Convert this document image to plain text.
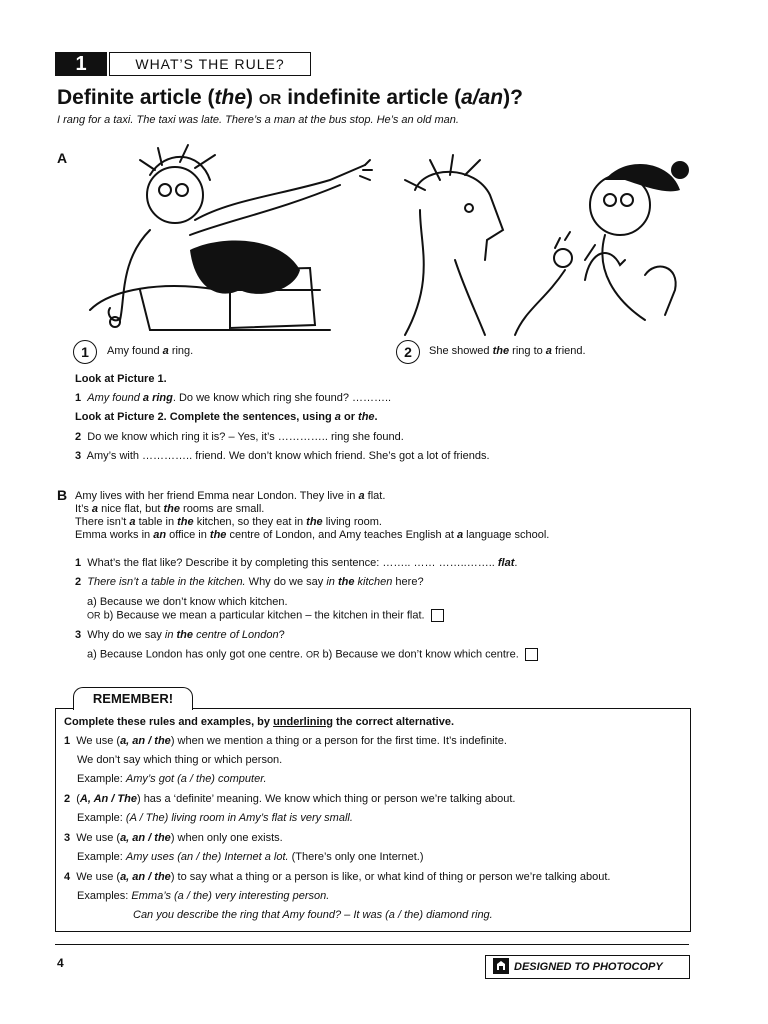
1	WHAT’S THE RULE?
Definite article (the) OR indefinite article (a/an)?
I rang for a taxi. The taxi was late. There’s a man at the bus stop. He’s an old man.
A
1	Amy found a ring.	2	She showed the ring to a friend.
Look at Picture 1.
1 Amy found a ring. Do we know which ring she found? ………..
Look at Picture 2. Complete the sentences, using a or the.
2 Do we know which ring it is? – Yes, it’s ………….. ring she found.
3 Amy’s with ………….. friend. We don’t know which friend. She’s got a lot of friends.
B Amy lives with her friend Emma near London. They live in a flat.
It’s a nice flat, but the rooms are small.
There isn’t a table in the kitchen, so they eat in the living room.
Emma works in an office in the centre of London, and Amy teaches English at a language school.
1 What’s the flat like? Describe it by completing this sentence: …….. …… ……..…….. flat.
2 There isn’t a table in the kitchen. Why do we say in the kitchen here?
a) Because we don’t know which kitchen.
OR b) Because we mean a particular kitchen – the kitchen in their flat.
3 Why do we say in the centre of London?
a) Because London has only got one centre. OR b) Because we don’t know which centre.
REMEMBER!
Complete these rules and examples, by underlining the correct alternative.
1 We use (a, an / the) when we mention a thing or a person for the first time. It’s indefinite.
We don’t say which thing or which person.
Example: Amy’s got (a / the) computer.
2 (A, An / The) has a ‘definite’ meaning. We know which thing or person we’re talking about.
Example: (A / The) living room in Amy’s flat is very small.
3 We use (a, an / the) when only one exists.
Example: Amy uses (an / the) Internet a lot. (There’s only one Internet.)
4 We use (a, an / the) to say what a thing or a person is like, or what kind of thing or person we’re talking about.
Examples: Emma’s (a / the) very interesting person.
Can you describe the ring that Amy found? – It was (a / the) diamond ring.
4	DESIGNED TO PHOTOCOPY
